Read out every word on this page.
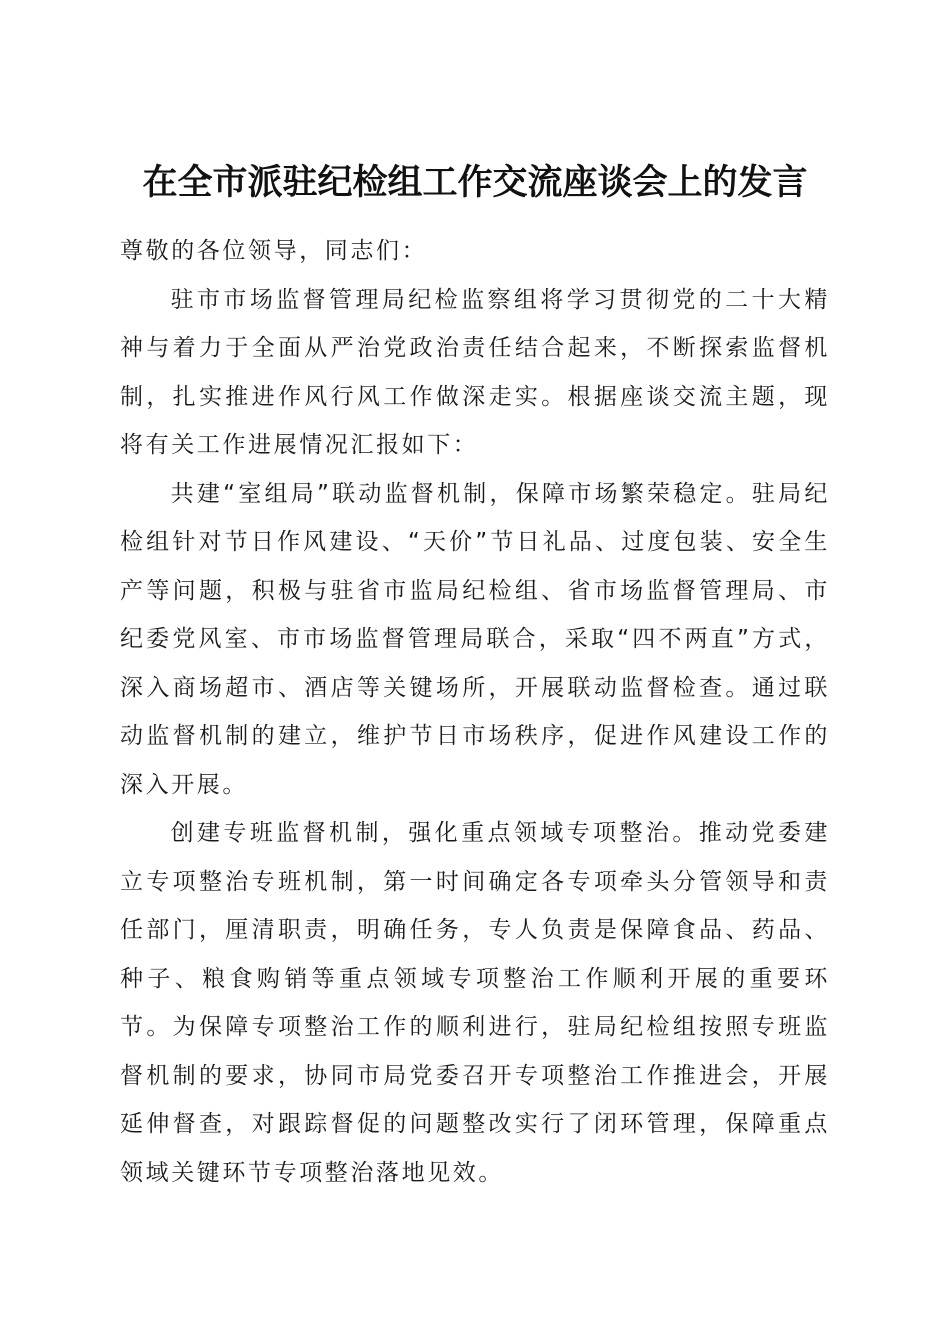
在全市派驻纪检组工作交流座谈会上的发言

尊敬的各位领导，同志们：

驻市市场监督管理局纪检监察组将学习贯彻党的二十大精神与着力于全面从严治党政治责任结合起来，不断探索监督机制，扎实推进作风行风工作做深走实。根据座谈交流主题，现将有关工作进展情况汇报如下：

共建“室组局”联动监督机制，保障市场繁荣稳定。驻局纪检组针对节日作风建设、“天价”节日礼品、过度包装、安全生产等问题，积极与驻省市监局纪检组、省市场监督管理局、市纪委党风室、市市场监督管理局联合，采取“四不两直”方式，深入商场超市、酒店等关键场所，开展联动监督检查。通过联动监督机制的建立，维护节日市场秩序，促进作风建设工作的深入开展。

创建专班监督机制，强化重点领域专项整治。推动党委建立专项整治专班机制，第一时间确定各专项牵头分管领导和责任部门，厘清职责，明确任务，专人负责是保障食品、药品、种子、粮食购销等重点领域专项整治工作顺利开展的重要环节。为保障专项整治工作的顺利进行，驻局纪检组按照专班监督机制的要求，协同市局党委召开专项整治工作推进会，开展延伸督查，对跟踪督促的问题整改实行了闭环管理，保障重点领域关键环节专项整治落地见效。
